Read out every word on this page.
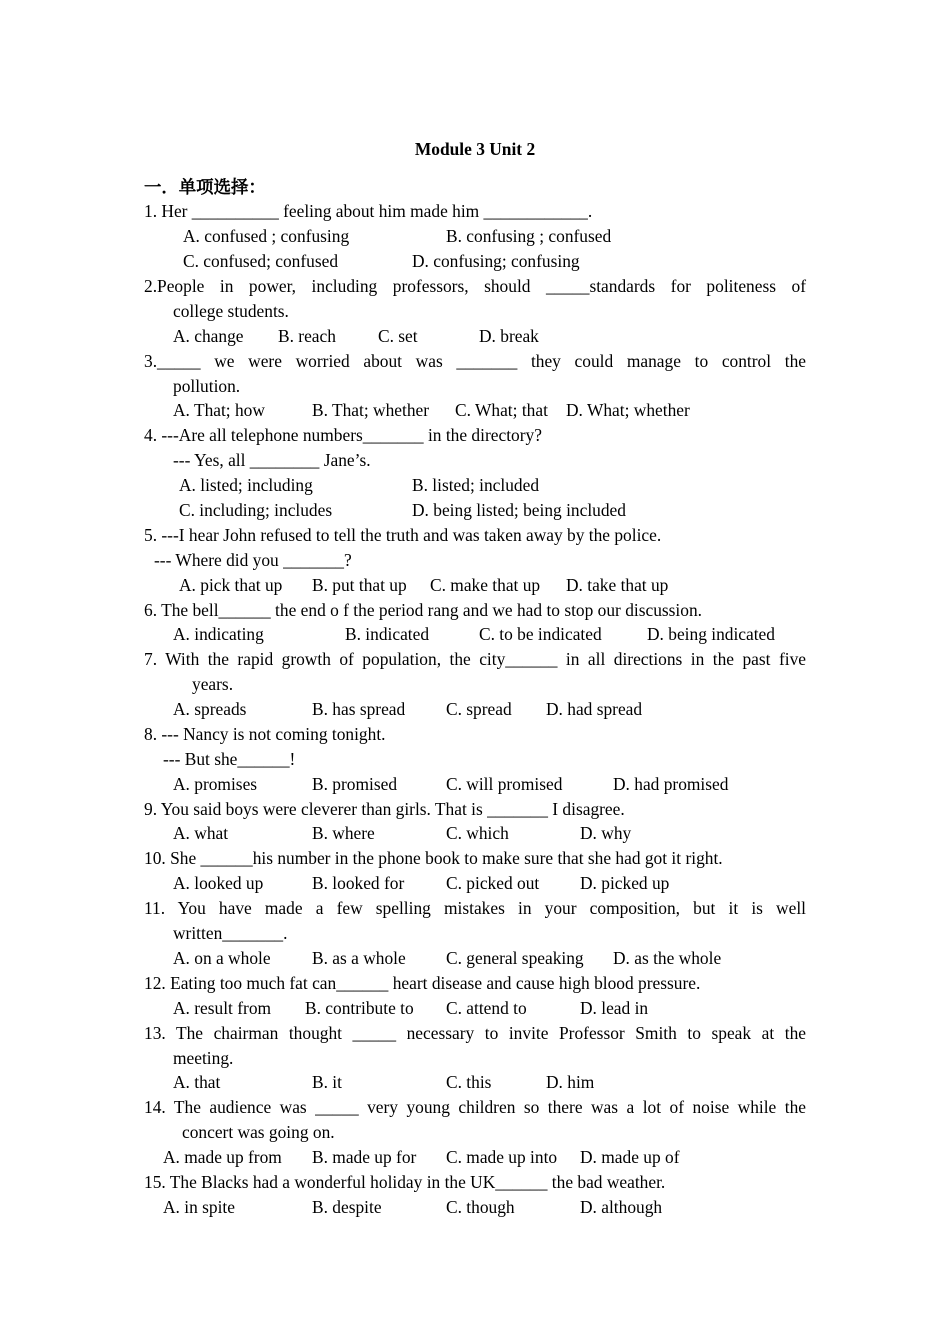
Module 3 Unit 2
一．单项选择：
1. Her __________ feeling about him made him ____________.
A. confused ; confusing	B. confusing ; confused
C. confused; confused	D. confusing; confusing
2.People in power, including professors, should _____standards for politeness of
college students.
A. change B. reach C. set	D. break
3._____ we were worried about was _______ they could manage to control the
pollution.
A. That; how	B. That; whether C. What; that D. What; whether
4. ---Are all telephone numbers_______ in the directory?
--- Yes, all ________ Jane’s.
A. listed; including	B. listed; included
C. including; includes	D. being listed; being included
5. ---I hear John refused to tell the truth and was taken away by the police.
--- Where did you _______?
A. pick that up B. put that up C. make that up D. take that up
6. The bell______ the end o f the period rang and we had to stop our discussion.
A. indicating	B. indicated	C. to be indicated	D. being indicated
7. With the rapid growth of population, the city______ in all directions in the past five
years.
A. spreads	B. has spread C. spread D. had spread
8. --- Nancy is not coming tonight.
--- But she______!
A. promises	B. promised	C. will promised	D. had promised
9. You said boys were cleverer than girls. That is _______ I disagree.
A. what	B. where	C. which	D. why
10. She ______his number in the phone book to make sure that she had got it right.
A. looked up	B. looked for C. picked out D. picked up
11. You have made a few spelling mistakes in your composition, but it is well
written_______.
A. on a whole B. as a whole C. general speaking D. as the whole
12. Eating too much fat can______ heart disease and cause high blood pressure.
A. result from B. contribute to C. attend to	D. lead in
13. The chairman thought _____ necessary to invite Professor Smith to speak at the
meeting.
A. that	B. it	C. this	D. him
14. The audience was _____ very young children so there was a lot of noise while the
concert was going on.
A. made up from B. made up for C. made up into D. made up of
15. The Blacks had a wonderful holiday in the UK______ the bad weather.
A. in spite	B. despite	C. though	D. although
